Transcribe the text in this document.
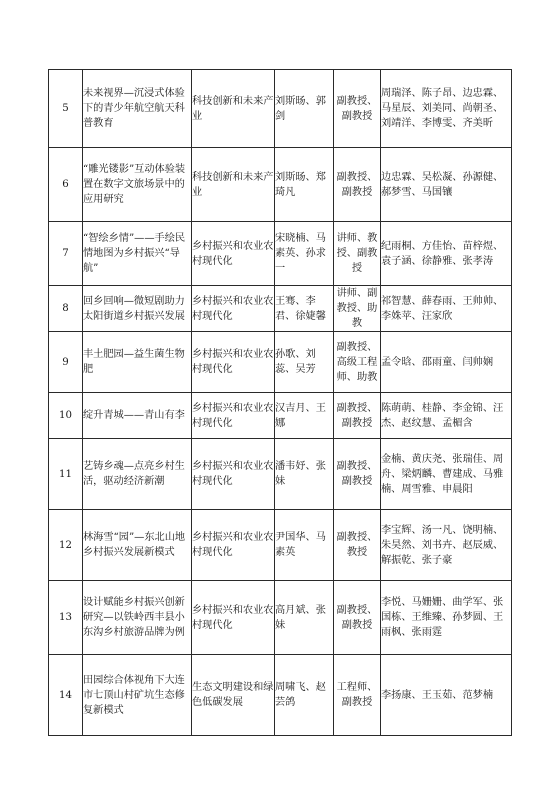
5	未来视界—沉浸式体验下的青少年航空航天科普教育	科技创新和未来产业	刘斯旸、郭剑	副教授、副教授	周瑞泽、陈子昂、边忠霖、马星辰、刘美同、尚朝圣、刘靖洋、李博雯、齐美昕
6	“雕光镂影”互动体验装置在数字文旅场景中的应用研究	科技创新和未来产业	刘斯旸、郑琦凡	副教授、副教授	边忠霖、吴松凝、孙源健、郝梦雪、马国镶
7	“智绘乡情”——手绘民情地图为乡村振兴“导航”	乡村振兴和农业农村现代化	宋晓楠、马素英、孙求一	讲师、教授、副教授	纪雨桐、方佳怡、苗梓煜、袁子涵、徐静雅、张孝涛
8	回乡回响—微短剧助力太阳街道乡村振兴发展	乡村振兴和农业农村现代化	王骞、李君、徐婕馨	讲师、副教授、助教	祁智慧、薛春雨、王帅帅、李姝苹、汪家欣
9	丰土肥园—益生菌生物肥	乡村振兴和农业农村现代化	孙歌、刘蕊、吴芳	副教授、高级工程师、助教	孟令晗、邵雨童、闫帅娴
10	绽升青城——青山有李	乡村振兴和农业农村现代化	汉吉月、王娜	副教授、副教授	陈萌萌、桂静、李金锦、汪杰、赵纹慧、孟楣含
11	艺铸乡魂—点亮乡村生活，驱动经济新潮	乡村振兴和农业农村现代化	潘韦妤、张妹	副教授、副教授	金楠、黄庆尧、张瑞佳、周舟、梁炳麟、曹建成、马雅楠、周雪雅、申晨阳
12	林海雪“园”—东北山地乡村振兴发展新模式	乡村振兴和农业农村现代化	尹国华、马素英	副教授、教授	李宝辉、汤一凡、饶明楠、朱昊然、刘书卉、赵辰威、解振乾、张子豪
13	设计赋能乡村振兴创新研究—以铁岭西丰县小东沟乡村旅游品牌为例	乡村振兴和农业农村现代化	高月斌、张妹	副教授、副教授	李悦、马姗姗、曲学军、张国栋、王维臻、孙梦圆、王雨枫、张雨霆
14	田园综合体视角下大连市七顶山村矿坑生态修复新模式	生态文明建设和绿色低碳发展	周啸飞、赵芸鸽	工程师、副教授	李扬康、王玉茹、范梦楠
